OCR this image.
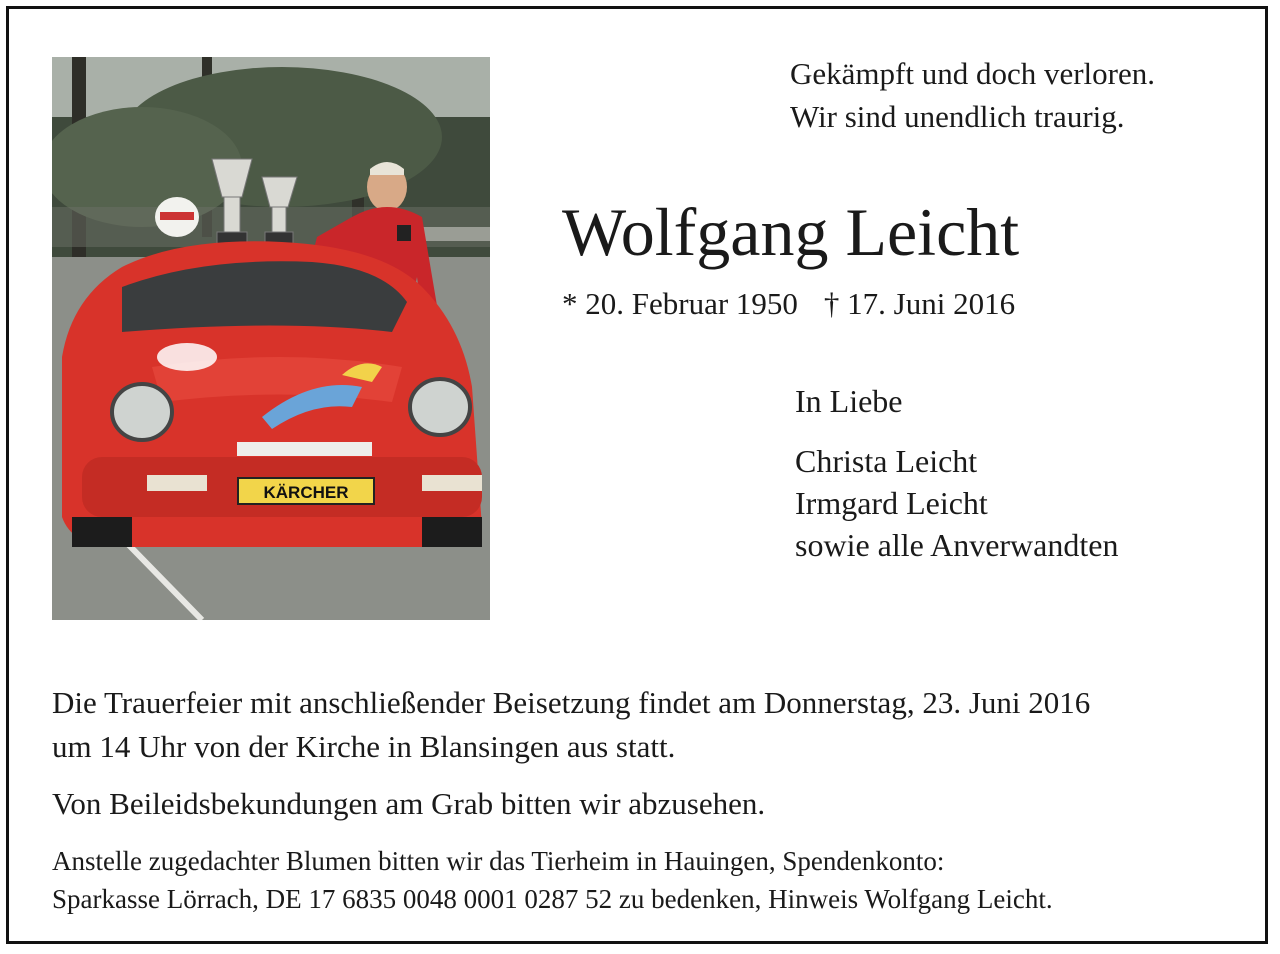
KÄRCHER
Gekämpft und doch verloren.
Wir sind unendlich traurig.
Wolfgang Leicht
* 20. Februar 1950 † 17. Juni 2016
In Liebe
Christa Leicht
Irmgard Leicht
sowie alle Anverwandten
Die Trauerfeier mit anschließender Beisetzung findet am Donnerstag, 23. Juni 2016
um 14 Uhr von der Kirche in Blansingen aus statt.
Von Beileidsbekundungen am Grab bitten wir abzusehen.
Anstelle zugedachter Blumen bitten wir das Tierheim in Hauingen, Spendenkonto:
Sparkasse Lörrach, DE 17 6835 0048 0001 0287 52 zu bedenken, Hinweis Wolfgang Leicht.
